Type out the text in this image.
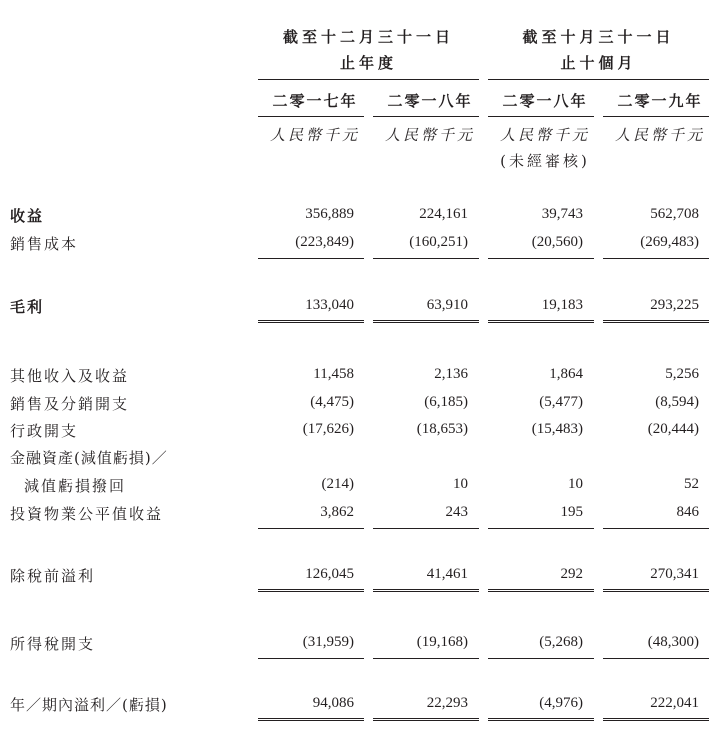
截至十二月三十一日
止年度
截至十月三十一日
止十個月
二零一七年	二零一八年	二零一八年	二零一九年
人民幣千元	人民幣千元	人民幣千元	人民幣千元
(未經審核)
收益	356,889	224,161	39,743	562,708
銷售成本	(223,849)	(160,251)	(20,560)	(269,483)
毛利	133,040	63,910	19,183	293,225
其他收入及收益	11,458	2,136	1,864	5,256
銷售及分銷開支	(4,475)	(6,185)	(5,477)	(8,594)
行政開支	(17,626)	(18,653)	(15,483)	(20,444)
金融資產(減值虧損)／
減值虧損撥回	(214)	10	10	52
投資物業公平值收益	3,862	243	195	846
除稅前溢利	126,045	41,461	292	270,341
所得稅開支	(31,959)	(19,168)	(5,268)	(48,300)
年／期內溢利／(虧損)	94,086	22,293	(4,976)	222,041
